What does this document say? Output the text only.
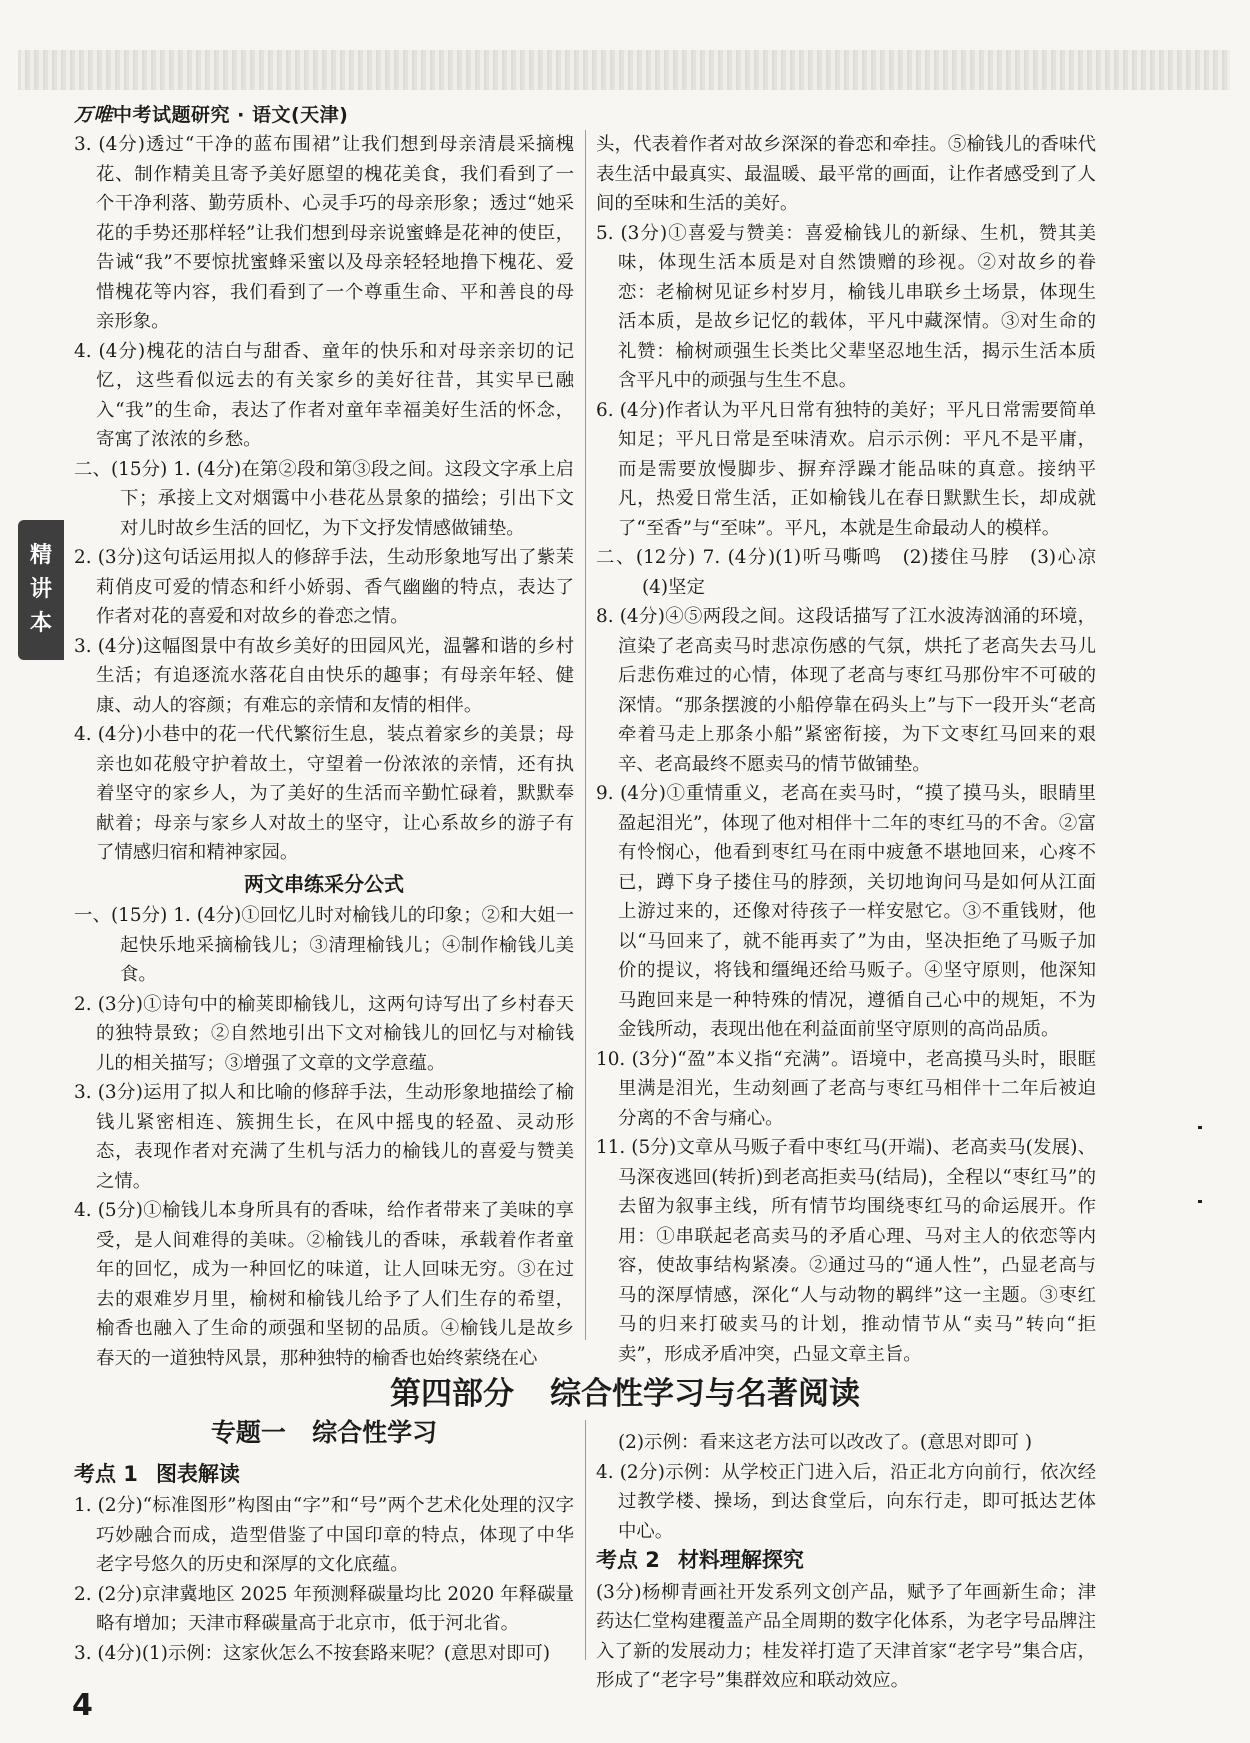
万唯中考试题研究 · 语文(天津)
精
讲
本
3. (4分)透过“干净的蓝布围裙”让我们想到母亲清晨采摘槐花、制作精美且寄予美好愿望的槐花美食，我们看到了一个干净利落、勤劳质朴、心灵手巧的母亲形象；透过“她采花的手势还那样轻”让我们想到母亲说蜜蜂是花神的使臣，告诫“我”不要惊扰蜜蜂采蜜以及母亲轻轻地撸下槐花、爱惜槐花等内容，我们看到了一个尊重生命、平和善良的母亲形象。
4. (4分)槐花的洁白与甜香、童年的快乐和对母亲亲切的记忆，这些看似远去的有关家乡的美好往昔，其实早已融入“我”的生命，表达了作者对童年幸福美好生活的怀念，寄寓了浓浓的乡愁。
二、(15分) 1. (4分)在第②段和第③段之间。这段文字承上启下；承接上文对烟霭中小巷花丛景象的描绘；引出下文对儿时故乡生活的回忆，为下文抒发情感做铺垫。
2. (3分)这句话运用拟人的修辞手法，生动形象地写出了紫茉莉俏皮可爱的情态和纤小娇弱、香气幽幽的特点，表达了作者对花的喜爱和对故乡的眷恋之情。
3. (4分)这幅图景中有故乡美好的田园风光，温馨和谐的乡村生活；有追逐流水落花自由快乐的趣事；有母亲年轻、健康、动人的容颜；有难忘的亲情和友情的相伴。
4. (4分)小巷中的花一代代繁衍生息，装点着家乡的美景；母亲也如花般守护着故土，守望着一份浓浓的亲情，还有执着坚守的家乡人，为了美好的生活而辛勤忙碌着，默默奉献着；母亲与家乡人对故土的坚守，让心系故乡的游子有了情感归宿和精神家园。
两文串练采分公式
一、(15分) 1. (4分)①回忆儿时对榆钱儿的印象；②和大姐一起快乐地采摘榆钱儿；③清理榆钱儿；④制作榆钱儿美食。
2. (3分)①诗句中的榆荚即榆钱儿，这两句诗写出了乡村春天的独特景致；②自然地引出下文对榆钱儿的回忆与对榆钱儿的相关描写；③增强了文章的文学意蕴。
3. (3分)运用了拟人和比喻的修辞手法，生动形象地描绘了榆钱儿紧密相连、簇拥生长，在风中摇曳的轻盈、灵动形态，表现作者对充满了生机与活力的榆钱儿的喜爱与赞美之情。
4. (5分)①榆钱儿本身所具有的香味，给作者带来了美味的享受，是人间难得的美味。②榆钱儿的香味，承载着作者童年的回忆，成为一种回忆的味道，让人回味无穷。③在过去的艰难岁月里，榆树和榆钱儿给予了人们生存的希望，榆香也融入了生命的顽强和坚韧的品质。④榆钱儿是故乡春天的一道独特风景，那种独特的榆香也始终萦绕在心
头，代表着作者对故乡深深的眷恋和牵挂。⑤榆钱儿的香味代表生活中最真实、最温暖、最平常的画面，让作者感受到了人间的至味和生活的美好。
5. (3分)①喜爱与赞美：喜爱榆钱儿的新绿、生机，赞其美味，体现生活本质是对自然馈赠的珍视。②对故乡的眷恋：老榆树见证乡村岁月，榆钱儿串联乡土场景，体现生活本质，是故乡记忆的载体，平凡中藏深情。③对生命的礼赞：榆树顽强生长类比父辈坚忍地生活，揭示生活本质含平凡中的顽强与生生不息。
6. (4分)作者认为平凡日常有独特的美好；平凡日常需要简单知足；平凡日常是至味清欢。启示示例：平凡不是平庸，而是需要放慢脚步、摒弃浮躁才能品味的真意。接纳平凡，热爱日常生活，正如榆钱儿在春日默默生长，却成就了“至香”与“至味”。平凡，本就是生命最动人的模样。
二、(12分) 7. (4分)(1)听马嘶鸣　(2)搂住马脖　(3)心凉　(4)坚定
8. (4分)④⑤两段之间。这段话描写了江水波涛汹涌的环境，渲染了老高卖马时悲凉伤感的气氛，烘托了老高失去马儿后悲伤难过的心情，体现了老高与枣红马那份牢不可破的深情。“那条摆渡的小船停靠在码头上”与下一段开头“老高牵着马走上那条小船”紧密衔接，为下文枣红马回来的艰辛、老高最终不愿卖马的情节做铺垫。
9. (4分)①重情重义，老高在卖马时，“摸了摸马头，眼睛里盈起泪光”，体现了他对相伴十二年的枣红马的不舍。②富有怜悯心，他看到枣红马在雨中疲惫不堪地回来，心疼不已，蹲下身子搂住马的脖颈，关切地询问马是如何从江面上游过来的，还像对待孩子一样安慰它。③不重钱财，他以“马回来了，就不能再卖了”为由，坚决拒绝了马贩子加价的提议，将钱和缰绳还给马贩子。④坚守原则，他深知马跑回来是一种特殊的情况，遵循自己心中的规矩，不为金钱所动，表现出他在利益面前坚守原则的高尚品质。
10. (3分)“盈”本义指“充满”。语境中，老高摸马头时，眼眶里满是泪光，生动刻画了老高与枣红马相伴十二年后被迫分离的不舍与痛心。
11. (5分)文章从马贩子看中枣红马(开端)、老高卖马(发展)、马深夜逃回(转折)到老高拒卖马(结局)，全程以“枣红马”的去留为叙事主线，所有情节均围绕枣红马的命运展开。作用：①串联起老高卖马的矛盾心理、马对主人的依恋等内容，使故事结构紧凑。②通过马的“通人性”，凸显老高与马的深厚情感，深化“人与动物的羁绊”这一主题。③枣红马的归来打破卖马的计划，推动情节从“卖马”转向“拒卖”，形成矛盾冲突，凸显文章主旨。
第四部分 综合性学习与名著阅读
专题一 综合性学习
考点 1 图表解读
1. (2分)“标准图形”构图由“字”和“号”两个艺术化处理的汉字巧妙融合而成，造型借鉴了中国印章的特点，体现了中华老字号悠久的历史和深厚的文化底蕴。
2. (2分)京津冀地区 2025 年预测释碳量均比 2020 年释碳量略有增加；天津市释碳量高于北京市，低于河北省。
3. (4分)(1)示例：这家伙怎么不按套路来呢？(意思对即可)
(2)示例：看来这老方法可以改改了。(意思对即可 )
4. (2分)示例：从学校正门进入后，沿正北方向前行，依次经过教学楼、操场，到达食堂后，向东行走，即可抵达艺体中心。
考点 2 材料理解探究
(3分)杨柳青画社开发系列文创产品，赋予了年画新生命；津药达仁堂构建覆盖产品全周期的数字化体系，为老字号品牌注入了新的发展动力；桂发祥打造了天津首家“老字号”集合店，形成了“老字号”集群效应和联动效应。
4
